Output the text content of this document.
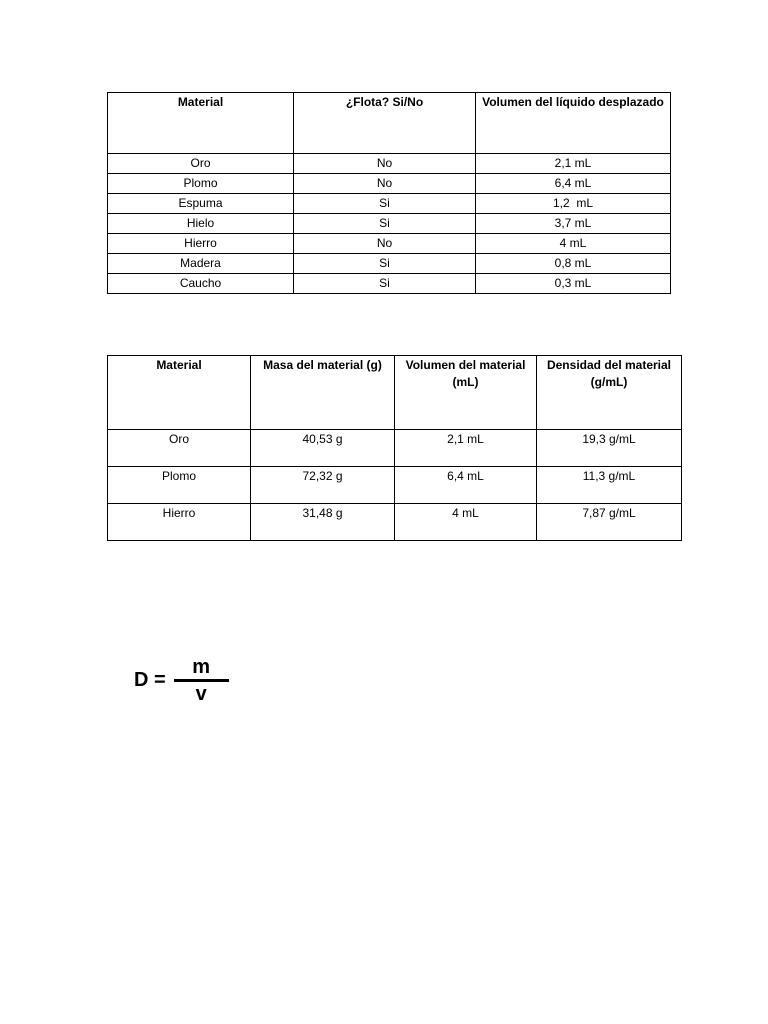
Material	¿Flota? Si/No	Volumen del líquido desplazado
Oro	No	2,1 mL
Plomo	No	6,4 mL
Espuma	Si	1,2  mL
Hielo	Si	3,7 mL
Hierro	No	4 mL
Madera	Si	0,8 mL
Caucho	Si	0,3 mL
Material	Masa del material (g)	Volumen del material (mL)	Densidad del material (g/mL)
Oro	40,53 g	2,1 mL	19,3 g/mL
Plomo	72,32 g	6,4 mL	11,3 g/mL
Hierro	31,48 g	4 mL	7,87 g/mL
$D = \frac{m}{v}$
